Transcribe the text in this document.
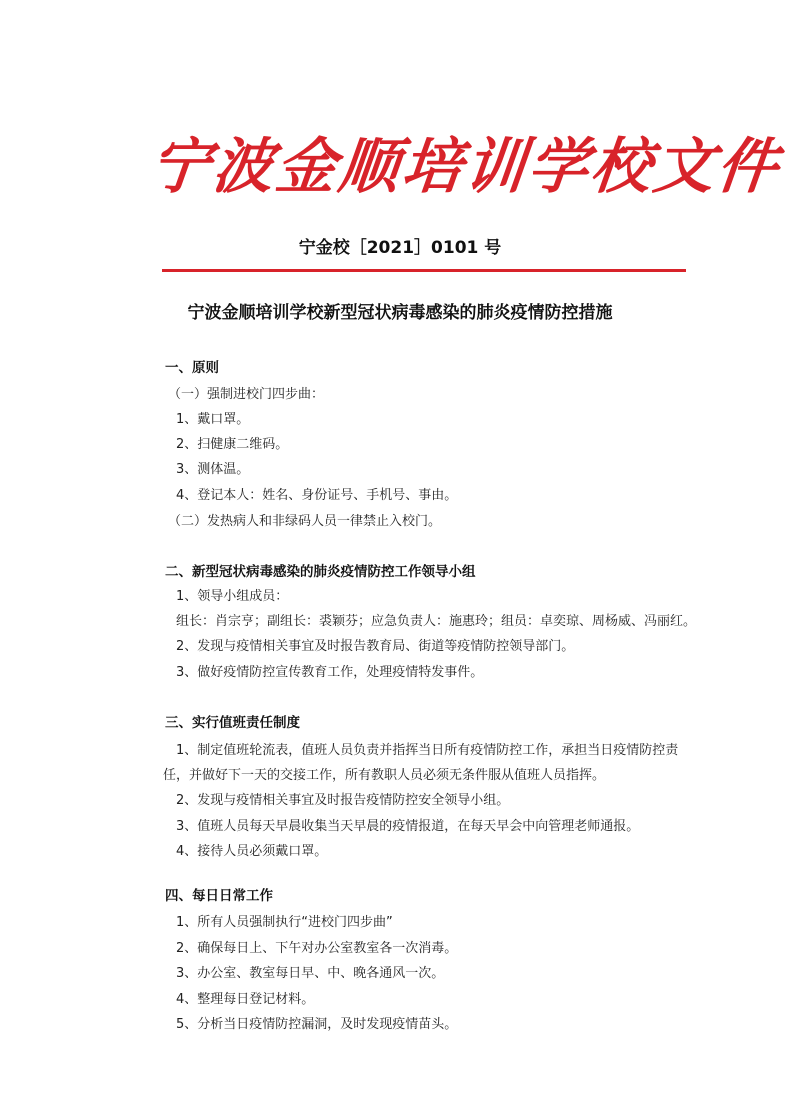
宁波金顺培训学校文件
宁金校［2021］0101 号
宁波金顺培训学校新型冠状病毒感染的肺炎疫情防控措施
一、原则
（一）强制进校门四步曲：
1、戴口罩。
2、扫健康二维码。
3、测体温。
4、登记本人：姓名、身份证号、手机号、事由。
（二）发热病人和非绿码人员一律禁止入校门。
二、新型冠状病毒感染的肺炎疫情防控工作领导小组
1、领导小组成员：
组长：肖宗亨；副组长：裘颖芬；应急负责人：施惠玲；组员：卓奕琼、周杨威、冯丽红。
2、发现与疫情相关事宜及时报告教育局、街道等疫情防控领导部门。
3、做好疫情防控宣传教育工作，处理疫情特发事件。
三、实行值班责任制度
1、制定值班轮流表，值班人员负责并指挥当日所有疫情防控工作，承担当日疫情防控责
任，并做好下一天的交接工作，所有教职人员必须无条件服从值班人员指挥。
2、发现与疫情相关事宜及时报告疫情防控安全领导小组。
3、值班人员每天早晨收集当天早晨的疫情报道，在每天早会中向管理老师通报。
4、接待人员必须戴口罩。
四、每日日常工作
1、所有人员强制执行“进校门四步曲”
2、确保每日上、下午对办公室教室各一次消毒。
3、办公室、教室每日早、中、晚各通风一次。
4、整理每日登记材料。
5、分析当日疫情防控漏洞，及时发现疫情苗头。
